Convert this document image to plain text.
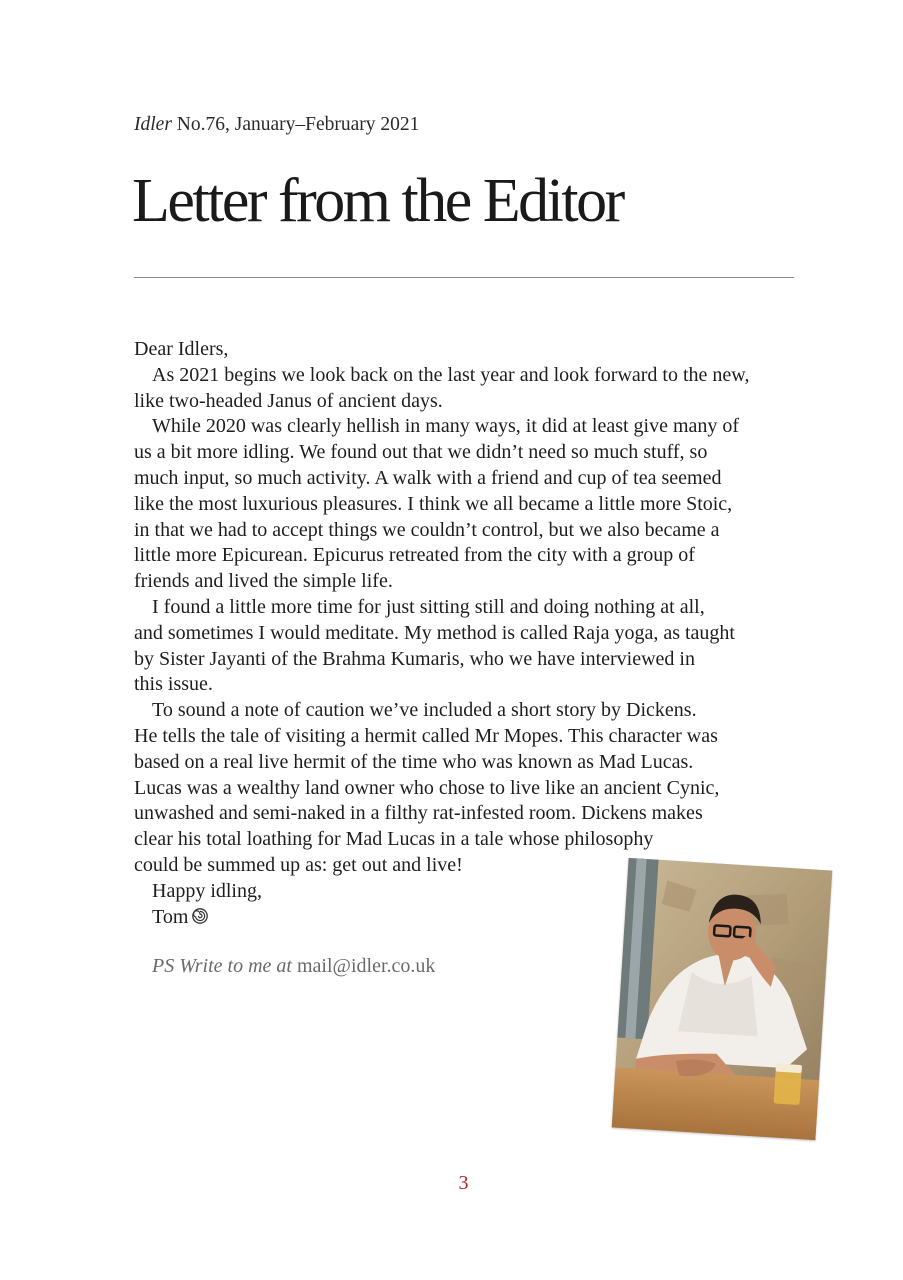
Idler No.76, January–February 2021

Letter from the Editor
Dear Idlers,
As 2021 begins we look back on the last year and look forward to the new,
like two-headed Janus of ancient days.
While 2020 was clearly hellish in many ways, it did at least give many of
us a bit more idling. We found out that we didn’t need so much stuff, so
much input, so much activity. A walk with a friend and cup of tea seemed
like the most luxurious pleasures. I think we all became a little more Stoic,
in that we had to accept things we couldn’t control, but we also became a
little more Epicurean. Epicurus retreated from the city with a group of
friends and lived the simple life.
I found a little more time for just sitting still and doing nothing at all,
and sometimes I would meditate. My method is called Raja yoga, as taught
by Sister Jayanti of the Brahma Kumaris, who we have interviewed in
this issue.
To sound a note of caution we’ve included a short story by Dickens.
He tells the tale of visiting a hermit called Mr Mopes. This character was
based on a real live hermit of the time who was known as Mad Lucas.
Lucas was a wealthy land owner who chose to live like an ancient Cynic,
unwashed and semi-naked in a filthy rat-infested room. Dickens makes
clear his total loathing for Mad Lucas in a tale whose philosophy
could be summed up as: get out and live!
Happy idling,
Tom

PS Write to me at mail@idler.co.uk

3
